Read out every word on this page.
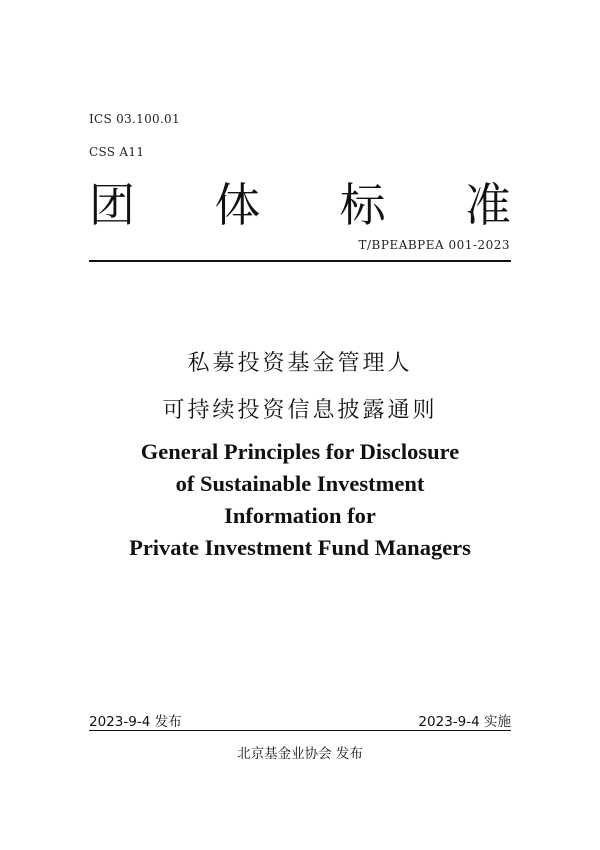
ICS 03.100.01
CSS A11
团 体 标 准
T/BPEABPEA 001-2023
私募投资基金管理人
可持续投资信息披露通则
General Principles for Disclosure
of Sustainable Investment
Information for
Private Investment Fund Managers
2023-9-4 发布	2023-9-4 实施
北京基金业协会 发布
